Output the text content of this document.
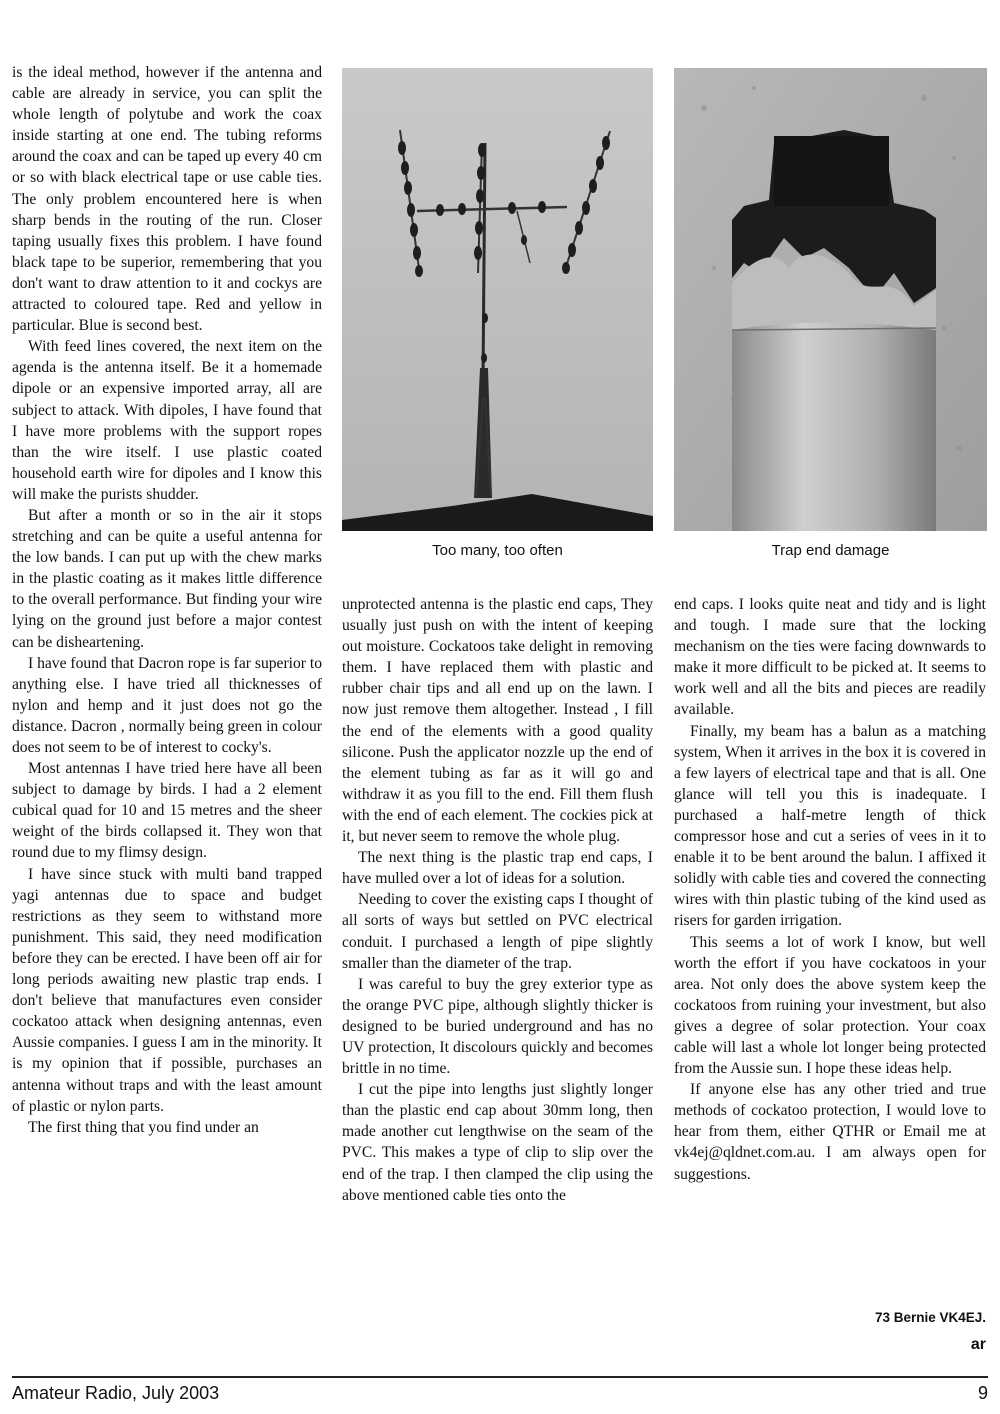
is the ideal method, however if the antenna and cable are already in service, you can split the whole length of polytube and work the coax inside starting at one end. The tubing reforms around the coax and can be taped up every 40 cm or so with black electrical tape or use cable ties. The only problem encountered here is when sharp bends in the routing of the run. Closer taping usually fixes this problem. I have found black tape to be superior, remembering that you don't want to draw attention to it and cockys are attracted to coloured tape. Red and yellow in particular. Blue is second best.

With feed lines covered, the next item on the agenda is the antenna itself. Be it a homemade dipole or an expensive imported array, all are subject to attack. With dipoles, I have found that I have more problems with the support ropes than the wire itself. I use plastic coated household earth wire for dipoles and I know this will make the purists shudder.

But after a month or so in the air it stops stretching and can be quite a useful antenna for the low bands. I can put up with the chew marks in the plastic coating as it makes little difference to the overall performance. But finding your wire lying on the ground just before a major contest can be disheartening.

I have found that Dacron rope is far superior to anything else. I have tried all thicknesses of nylon and hemp and it just does not go the distance. Dacron , normally being green in colour does not seem to be of interest to cocky's.

Most antennas I have tried here have all been subject to damage by birds. I had a 2 element cubical quad for 10 and 15 metres and the sheer weight of the birds collapsed it. They won that round due to my flimsy design.

I have since stuck with multi band trapped yagi antennas due to space and budget restrictions as they seem to withstand more punishment. This said, they need modification before they can be erected. I have been off air for long periods awaiting new plastic trap ends. I don't believe that manufactures even consider cockatoo attack when designing antennas, even Aussie companies. I guess I am in the minority. It is my opinion that if possible, purchases an antenna without traps and with the least amount of plastic or nylon parts.

The first thing that you find under an

Too many, too often	Trap end damage

unprotected antenna is the plastic end caps, They usually just push on with the intent of keeping out moisture. Cockatoos take delight in removing them. I have replaced them with plastic and rubber chair tips and all end up on the lawn. I now just remove them altogether. Instead , I fill the end of the elements with a good quality silicone. Push the applicator nozzle up the end of the element tubing as far as it will go and withdraw it as you fill to the end. Fill them flush with the end of each element. The cockies pick at it, but never seem to remove the whole plug.

The next thing is the plastic trap end caps, I have mulled over a lot of ideas for a solution.

Needing to cover the existing caps I thought of all sorts of ways but settled on PVC electrical conduit. I purchased a length of pipe slightly smaller than the diameter of the trap.

I was careful to buy the grey exterior type as the orange PVC pipe, although slightly thicker is designed to be buried underground and has no UV protection, It discolours quickly and becomes brittle in no time.

I cut the pipe into lengths just slightly longer than the plastic end cap about 30mm long, then made another cut lengthwise on the seam of the PVC. This makes a type of clip to slip over the end of the trap. I then clamped the clip using the above mentioned cable ties onto the

end caps. I looks quite neat and tidy and is light and tough. I made sure that the locking mechanism on the ties were facing downwards to make it more difficult to be picked at. It seems to work well and all the bits and pieces are readily available.

Finally, my beam has a balun as a matching system, When it arrives in the box it is covered in a few layers of electrical tape and that is all. One glance will tell you this is inadequate. I purchased a half-metre length of thick compressor hose and cut a series of vees in it to enable it to be bent around the balun. I affixed it solidly with cable ties and covered the connecting wires with thin plastic tubing of the kind used as risers for garden irrigation.

This seems a lot of work I know, but well worth the effort if you have cockatoos in your area. Not only does the above system keep the cockatoos from ruining your investment, but also gives a degree of solar protection. Your coax cable will last a whole lot longer being protected from the Aussie sun. I hope these ideas help.

If anyone else has any other tried and true methods of cockatoo protection, I would love to hear from them, either QTHR or Email me at vk4ej@qldnet.com.au. I am always open for suggestions.

73 Bernie VK4EJ.
ar
Amateur Radio, July 2003	9
